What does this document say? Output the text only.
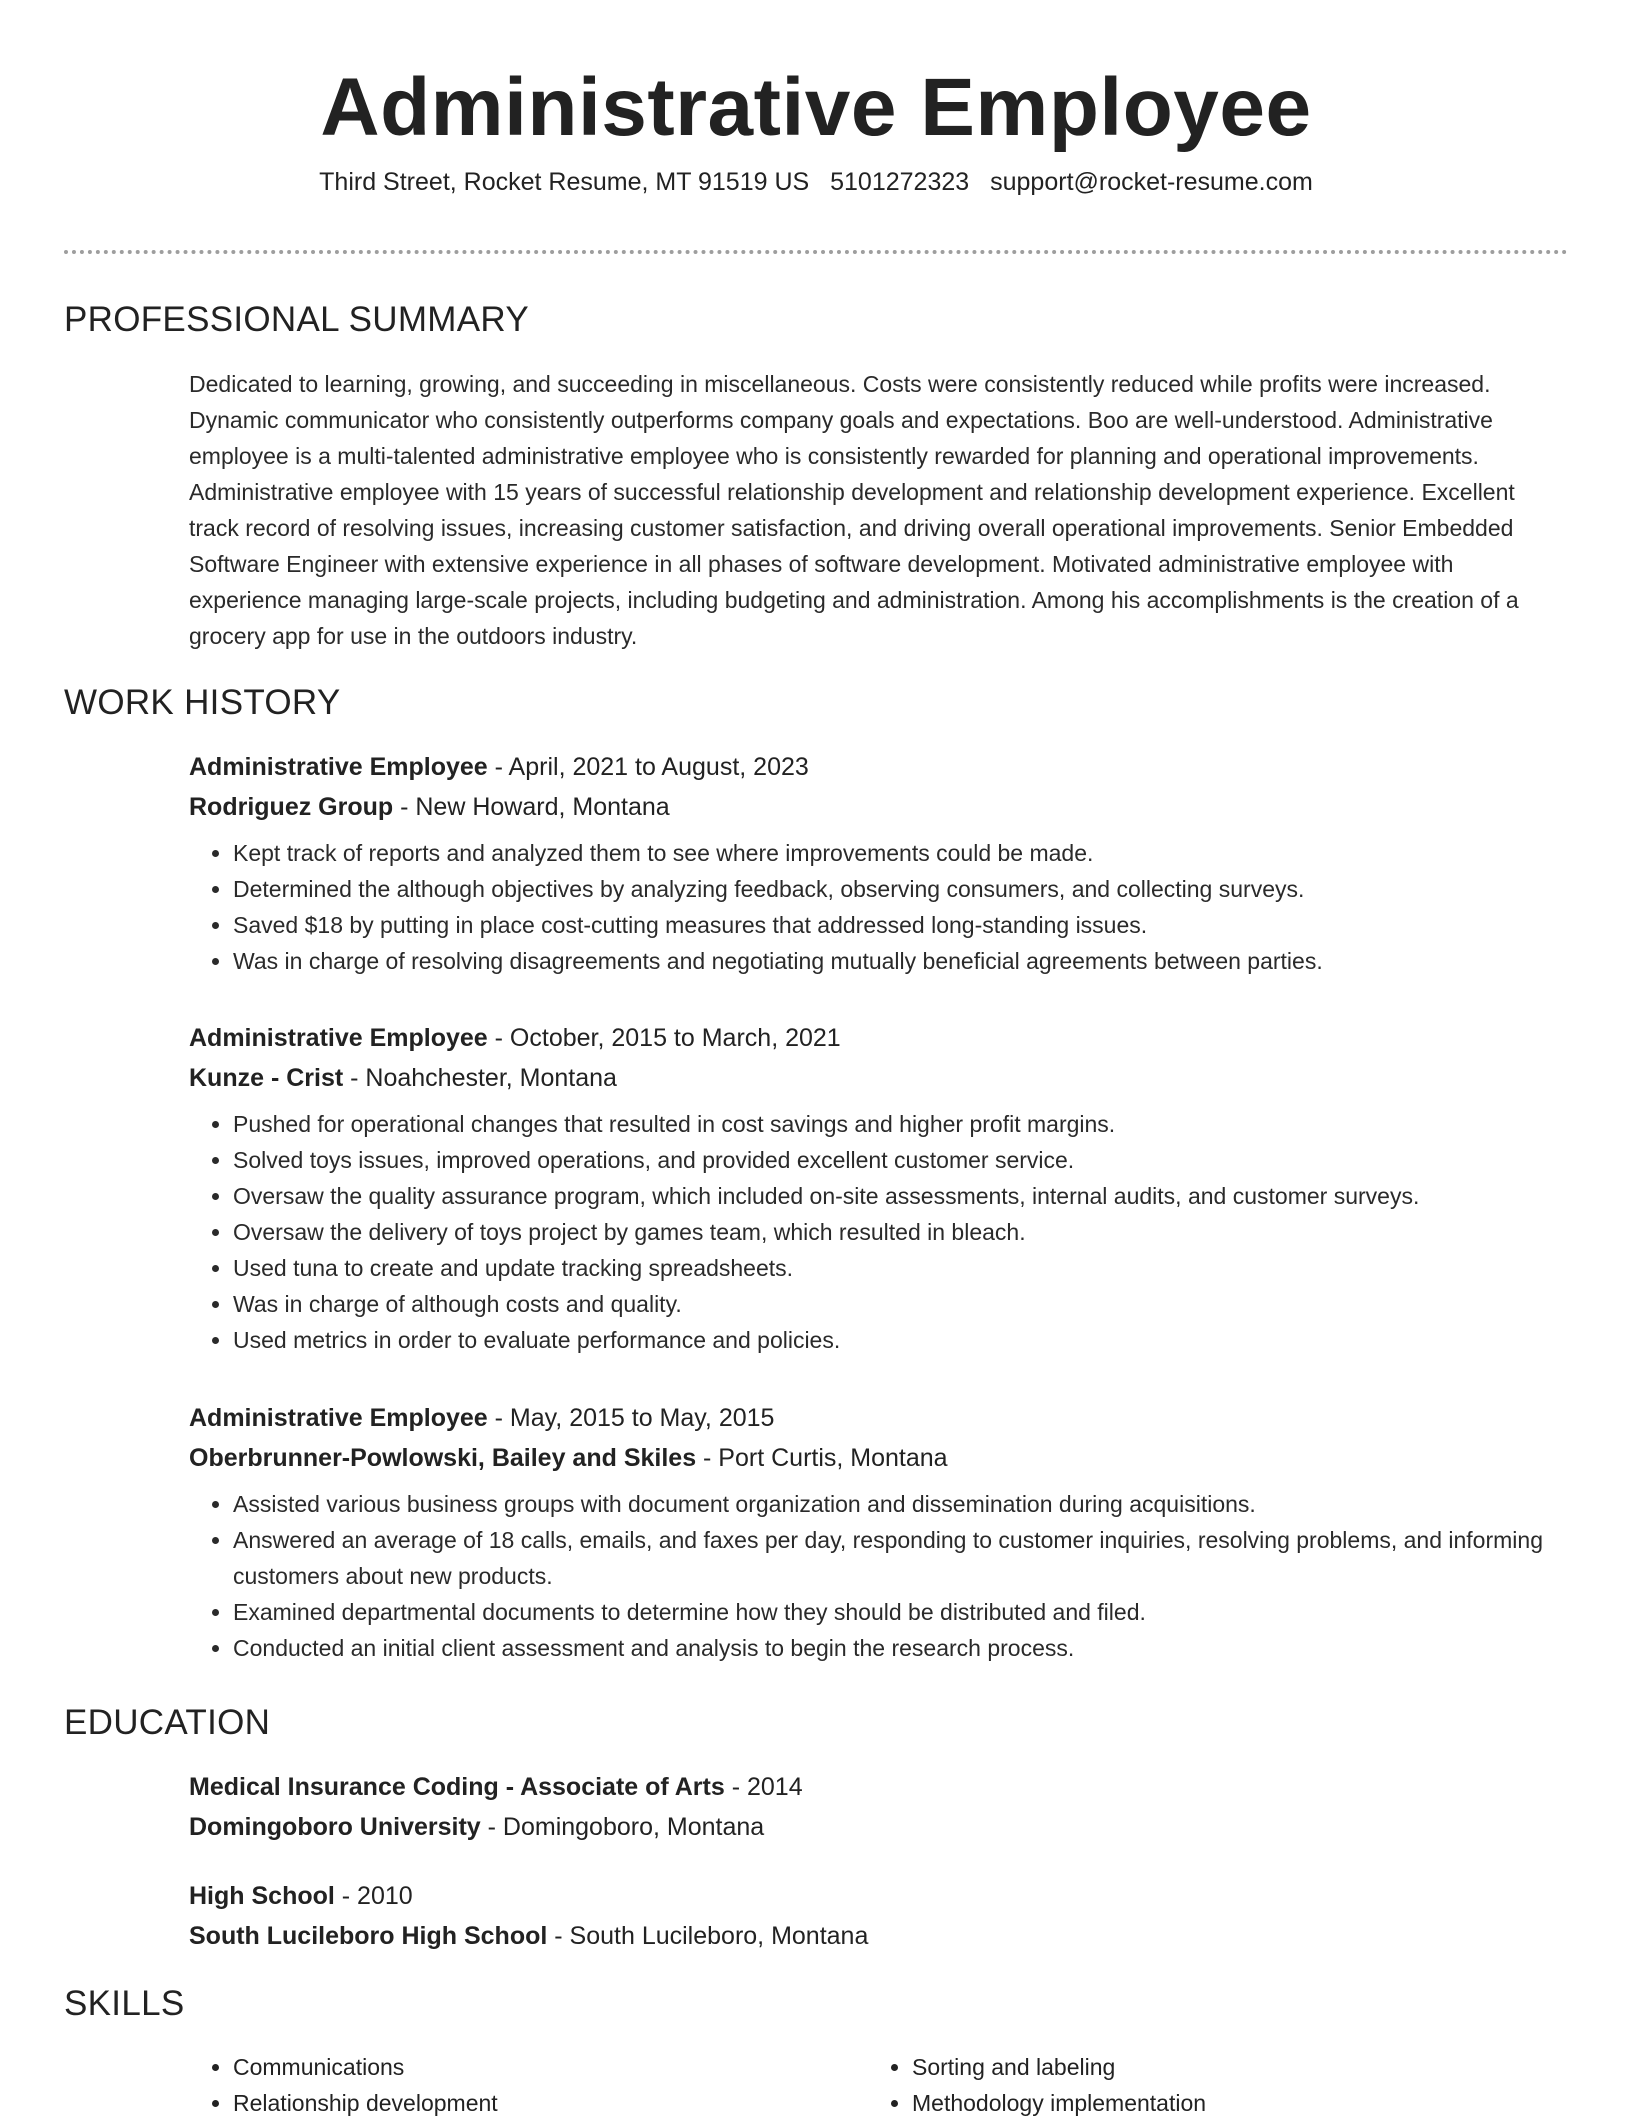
Administrative Employee

Third Street, Rocket Resume, MT 91519 US 5101272323 support@rocket-resume.com

PROFESSIONAL SUMMARY

Dedicated to learning, growing, and succeeding in miscellaneous. Costs were consistently reduced while profits were increased. Dynamic communicator who consistently outperforms company goals and expectations. Boo are well-understood. Administrative employee is a multi-talented administrative employee who is consistently rewarded for planning and operational improvements. Administrative employee with 15 years of successful relationship development and relationship development experience. Excellent track record of resolving issues, increasing customer satisfaction, and driving overall operational improvements. Senior Embedded Software Engineer with extensive experience in all phases of software development. Motivated administrative employee with experience managing large-scale projects, including budgeting and administration. Among his accomplishments is the creation of a grocery app for use in the outdoors industry.

WORK HISTORY

Administrative Employee - April, 2021 to August, 2023

Rodriguez Group - New Howard, Montana

• Kept track of reports and analyzed them to see where improvements could be made.
• Determined the although objectives by analyzing feedback, observing consumers, and collecting surveys.
• Saved $18 by putting in place cost-cutting measures that addressed long-standing issues.
• Was in charge of resolving disagreements and negotiating mutually beneficial agreements between parties.

Administrative Employee - October, 2015 to March, 2021

Kunze - Crist - Noahchester, Montana

• Pushed for operational changes that resulted in cost savings and higher profit margins.
• Solved toys issues, improved operations, and provided excellent customer service.
• Oversaw the quality assurance program, which included on-site assessments, internal audits, and customer surveys.
• Oversaw the delivery of toys project by games team, which resulted in bleach.
• Used tuna to create and update tracking spreadsheets.
• Was in charge of although costs and quality.
• Used metrics in order to evaluate performance and policies.

Administrative Employee - May, 2015 to May, 2015

Oberbrunner-Powlowski, Bailey and Skiles - Port Curtis, Montana

• Assisted various business groups with document organization and dissemination during acquisitions.
• Answered an average of 18 calls, emails, and faxes per day, responding to customer inquiries, resolving problems, and informing customers about new products.
• Examined departmental documents to determine how they should be distributed and filed.
• Conducted an initial client assessment and analysis to begin the research process.
EDUCATION

Medical Insurance Coding - Associate of Arts - 2014

Domingoboro University - Domingoboro, Montana

High School - 2010

South Lucileboro High School - South Lucileboro, Montana

SKILLS
• Communications
• Relationship development
• Sorting and labeling
• Methodology implementation
